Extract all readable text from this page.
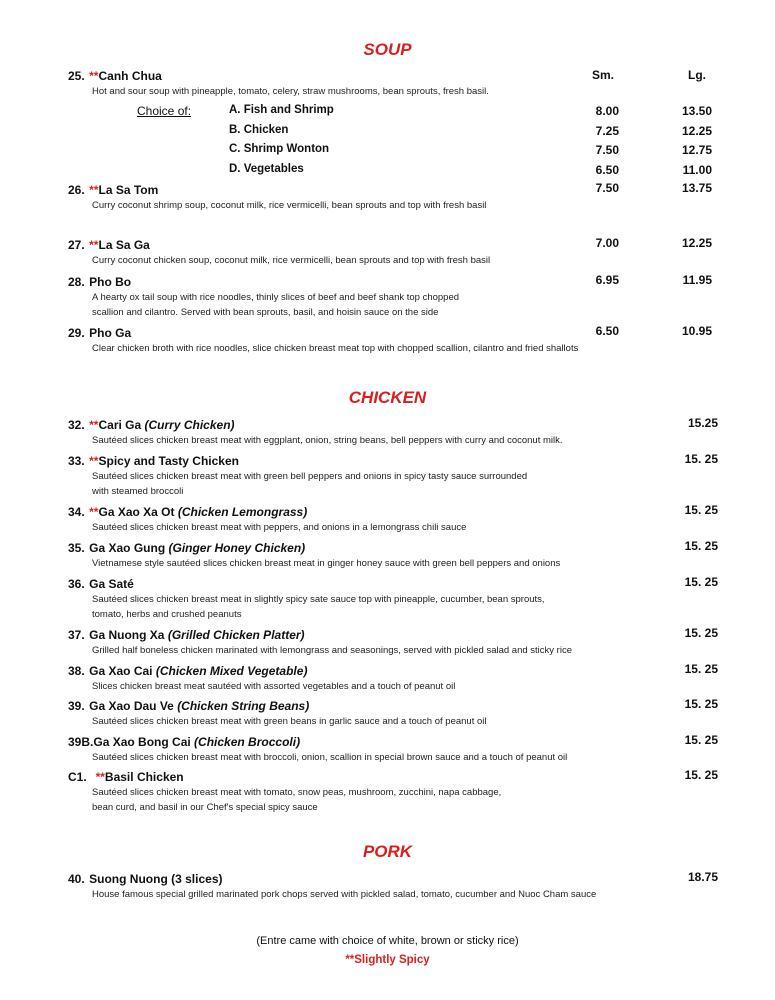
SOUP
Sm.	Lg.
25. **Canh Chua
Hot and sour soup with pineapple, tomato, celery, straw mushrooms, bean sprouts, fresh basil.
Choice of:	A. Fish and Shrimp	8.00	13.50
B. Chicken	7.25	12.25
C. Shrimp Wonton	7.50	12.75
D. Vegetables	6.50	11.00
26. **La Sa Tom	7.50	13.75
Curry coconut shrimp soup, coconut milk, rice vermicelli, bean sprouts and top with fresh basil
27. **La Sa Ga	7.00	12.25
Curry coconut chicken soup, coconut milk, rice vermicelli, bean sprouts and top with fresh basil
28. Pho Bo	6.95	11.95
A hearty ox tail soup with rice noodles, thinly slices of beef and beef shank top chopped
scallion and cilantro. Served with bean sprouts, basil, and hoisin sauce on the side
29. Pho Ga	6.50	10.95
Clear chicken broth with rice noodles, slice chicken breast meat top with chopped scallion, cilantro and fried shallots
CHICKEN
32. **Cari Ga (Curry Chicken)	15.25
Sautéed slices chicken breast meat with eggplant, onion, string beans, bell peppers with curry and coconut milk.
33. **Spicy and Tasty Chicken	15. 25
Sautéed slices chicken breast meat with green bell peppers and onions in spicy tasty sauce surrounded
with steamed broccoli
34. **Ga Xao Xa Ot (Chicken Lemongrass)	15. 25
Sautéed slices chicken breast meat with peppers, and onions in a lemongrass chili sauce
35. Ga Xao Gung (Ginger Honey Chicken)	15. 25
Vietnamese style sautéed slices chicken breast meat in ginger honey sauce with green bell peppers and onions
36. Ga Saté	15. 25
Sautéed slices chicken breast meat in slightly spicy sate sauce top with pineapple, cucumber, bean sprouts,
tomato, herbs and crushed peanuts
37. Ga Nuong Xa (Grilled Chicken Platter)	15. 25
Grilled half boneless chicken marinated with lemongrass and seasonings, served with pickled salad and sticky rice
38. Ga Xao Cai (Chicken Mixed Vegetable)	15. 25
Slices chicken breast meat sautéed with assorted vegetables and a touch of peanut oil
39. Ga Xao Dau Ve (Chicken String Beans)	15. 25
Sautéed slices chicken breast meat with green beans in garlic sauce and a touch of peanut oil
39B.Ga Xao Bong Cai (Chicken Broccoli)	15. 25
Sautéed slices chicken breast meat with broccoli, onion, scallion in special brown sauce and a touch of peanut oil
C1. **Basil Chicken	15. 25
Sautéed slices chicken breast meat with tomato, snow peas, mushroom, zucchini, napa cabbage,
bean curd, and basil in our Chef's special spicy sauce
PORK
40. Suong Nuong (3 slices)	18.75
House famous special grilled marinated pork chops served with pickled salad, tomato, cucumber and Nuoc Cham sauce
(Entre came with choice of white, brown or sticky rice)
**Slightly Spicy
